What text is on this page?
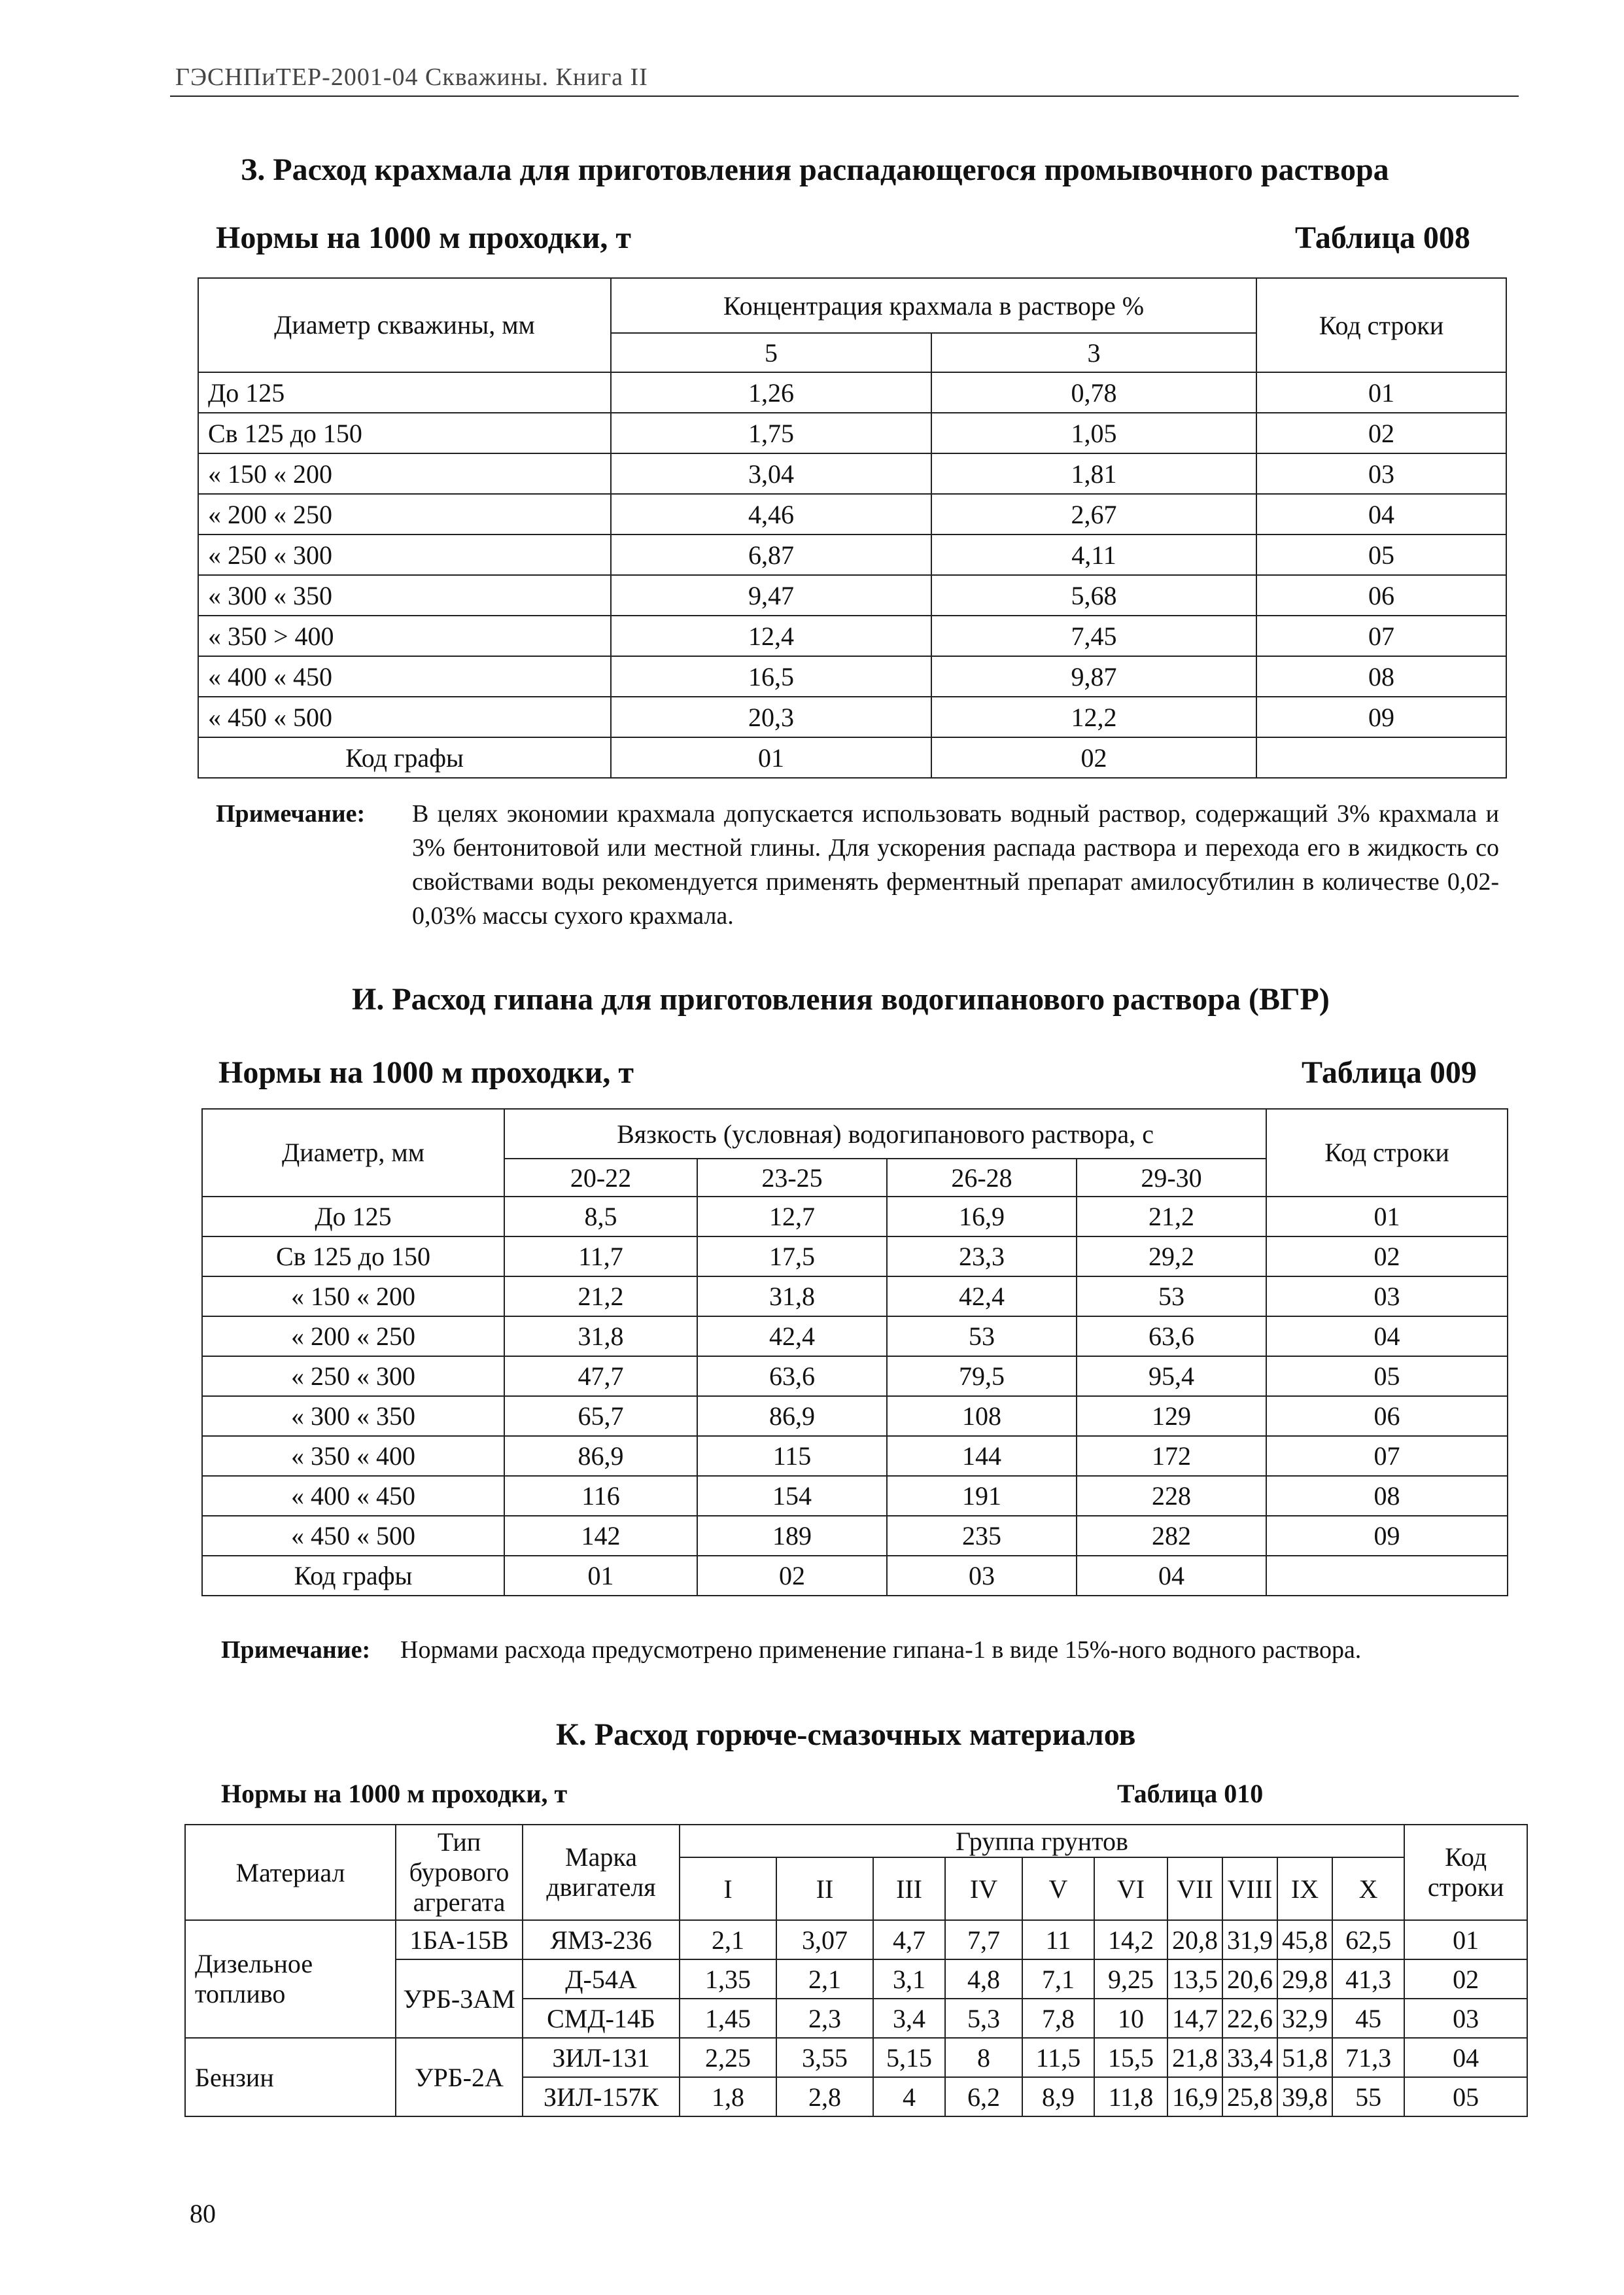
ГЭСНПиТЕР-2001-04 Скважины. Книга II
З. Расход крахмала для приготовления распадающегося промывочного раствора
Нормы на 1000 м проходки, т	Таблица 008
Диаметр скважины, мм	Концентрация крахмала в растворе %		Код строки
	5	3	
До 125	1,26	0,78	01
Св 125 до 150	1,75	1,05	02
« 150 « 200	3,04	1,81	03
« 200 « 250	4,46	2,67	04
« 250 « 300	6,87	4,11	05
« 300 « 350	9,47	5,68	06
« 350 > 400	12,4	7,45	07
« 400 « 450	16,5	9,87	08
« 450 « 500	20,3	12,2	09
Код графы	01	02	
Примечание: В целях экономии крахмала допускается использовать водный раствор, содержащий 3% крахмала и 3% бентонитовой или местной глины. Для ускорения распада раствора и перехода его в жидкость со свойствами воды рекомендуется применять ферментный препарат амилосубтилин в количестве 0,02-0,03% массы сухого крахмала.
И. Расход гипана для приготовления водогипанового раствора (ВГР)
Нормы на 1000 м проходки, т	Таблица 009
Диаметр, мм	Вязкость (условная) водогипанового раствора, с				Код строки
	20-22	23-25	26-28	29-30	
До 125	8,5	12,7	16,9	21,2	01
Св 125 до 150	11,7	17,5	23,3	29,2	02
« 150 « 200	21,2	31,8	42,4	53	03
« 200 « 250	31,8	42,4	53	63,6	04
« 250 « 300	47,7	63,6	79,5	95,4	05
« 300 « 350	65,7	86,9	108	129	06
« 350 « 400	86,9	115	144	172	07
« 400 « 450	116	154	191	228	08
« 450 « 500	142	189	235	282	09
Код графы	01	02	03	04	
Примечание: Нормами расхода предусмотрено применение гипана-1 в виде 15%-ного водного раствора.
К. Расход горюче-смазочных материалов
Нормы на 1000 м проходки, т	Таблица 010
Материал	Тип бурового агрегата	Марка двигателя	Группа грунтов										Код строки
			I	II	III	IV	V	VI	VII	VIII	IX	X	
Дизельное топливо	1БА-15В	ЯМЗ-236	2,1	3,07	4,7	7,7	11	14,2	20,8	31,9	45,8	62,5	01
	УРБ-3АМ	Д-54А	1,35	2,1	3,1	4,8	7,1	9,25	13,5	20,6	29,8	41,3	02
		СМД-14Б	1,45	2,3	3,4	5,3	7,8	10	14,7	22,6	32,9	45	03
Бензин	УРБ-2А	ЗИЛ-131	2,25	3,55	5,15	8	11,5	15,5	21,8	33,4	51,8	71,3	04
		ЗИЛ-157К	1,8	2,8	4	6,2	8,9	11,8	16,9	25,8	39,8	55	05
80
